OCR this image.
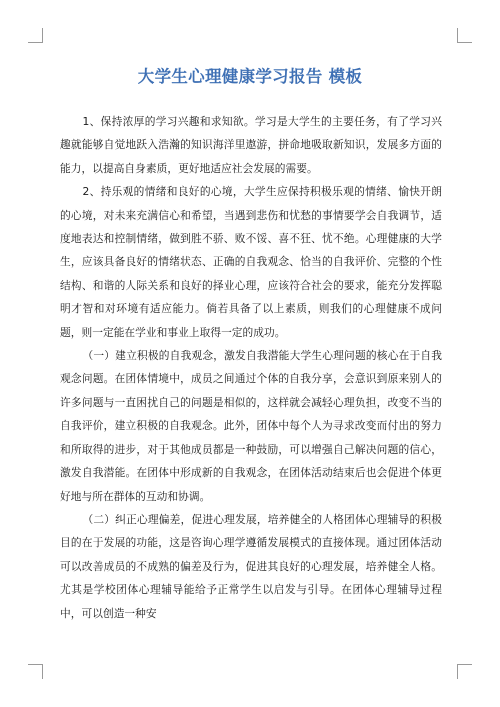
大学生心理健康学习报告 模板

1、保持浓厚的学习兴趣和求知欲。学习是大学生的主要任务，有了学习兴趣就能够自觉地跃入浩瀚的知识海洋里遨游，拼命地吸取新知识，发展多方面的能力，以提高自身素质，更好地适应社会发展的需要。

2、持乐观的情绪和良好的心境，大学生应保持积极乐观的情绪、愉快开朗的心境，对未来充满信心和希望，当遇到悲伤和忧愁的事情要学会自我调节，适度地表达和控制情绪，做到胜不骄、败不馁、喜不狂、忧不绝。心理健康的大学生，应该具备良好的情绪状态、正确的自我观念、恰当的自我评价、完整的个性结构、和谐的人际关系和良好的择业心理，应该符合社会的要求，能充分发挥聪明才智和对环境有适应能力。倘若具备了以上素质，则我们的心理健康不成问题，则一定能在学业和事业上取得一定的成功。

（一）建立积极的自我观念，激发自我潜能大学生心理问题的核心在于自我观念问题。在团体情境中，成员之间通过个体的自我分享，会意识到原来别人的许多问题与一直困扰自己的问题是相似的，这样就会减轻心理负担，改变不当的自我评价，建立积极的自我观念。此外，团体中每个人为寻求改变而付出的努力和所取得的进步，对于其他成员都是一种鼓励，可以增强自己解决问题的信心，激发自我潜能。在团体中形成新的自我观念，在团体活动结束后也会促进个体更好地与所在群体的互动和协调。

（二）纠正心理偏差，促进心理发展，培养健全的人格团体心理辅导的积极目的在于发展的功能，这是咨询心理学遵循发展模式的直接体现。通过团体活动可以改善成员的不成熟的偏差及行为，促进其良好的心理发展，培养健全人格。尤其是学校团体心理辅导能给予正常学生以启发与引导。在团体心理辅导过程中，可以创造一种安
